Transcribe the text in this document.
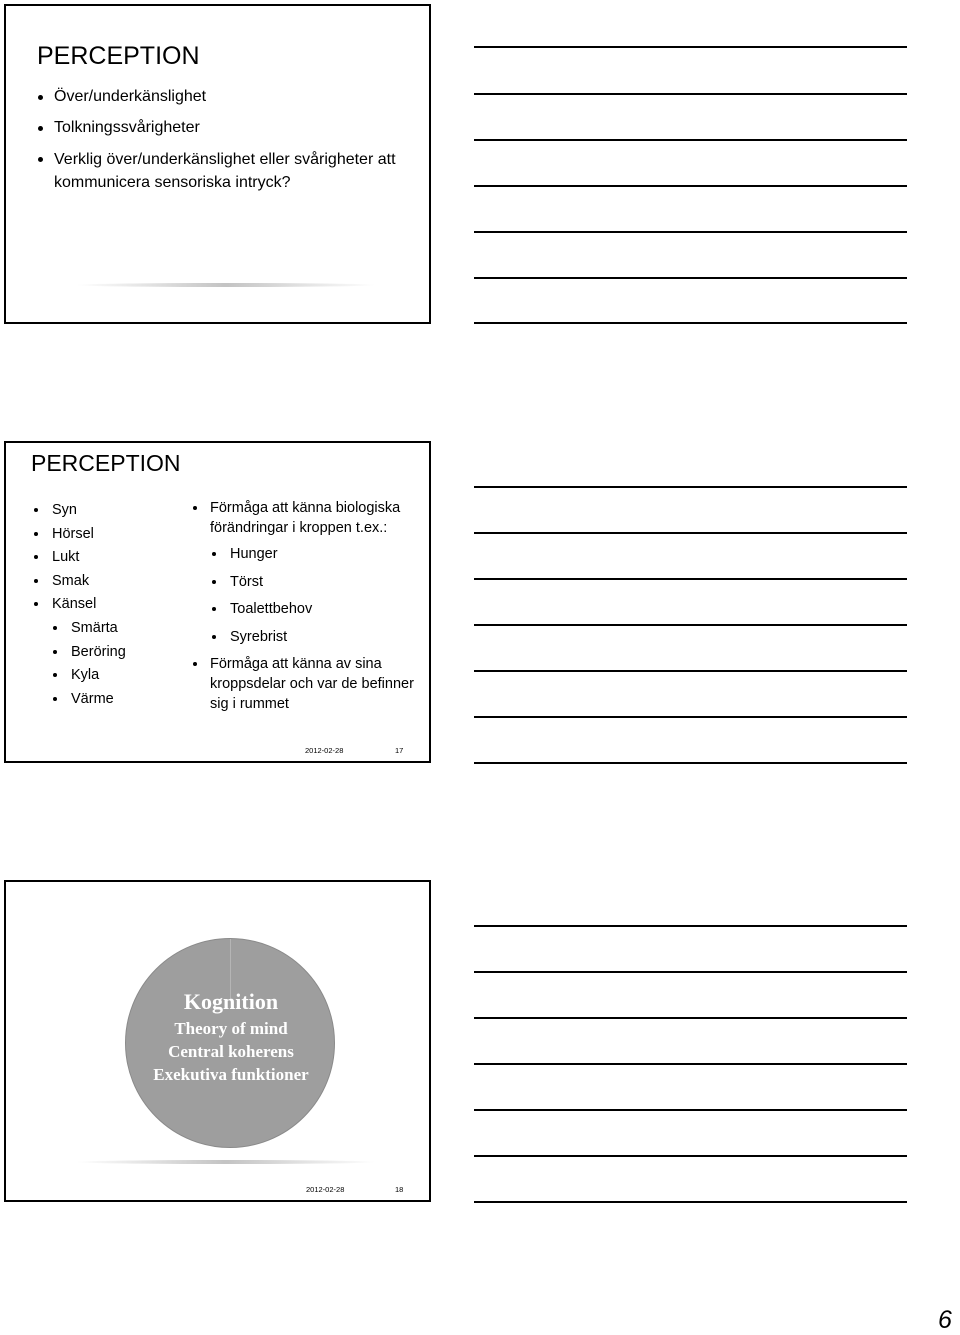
PERCEPTION
Över/underkänslighet
Tolkningssvårigheter
Verklig över/underkänslighet eller svårigheter att kommunicera sensoriska intryck?
PERCEPTION
Syn
Hörsel
Lukt
Smak
Känsel
Smärta
Beröring
Kyla
Värme
Förmåga att känna biologiska förändringar i kroppen t.ex.:
Hunger
Törst
Toalettbehov
Syrebrist
Förmåga att känna av sina kroppsdelar och var de befinner sig i rummet
2012-02-28	17
Kognition
Theory of mind
Central koherens
Exekutiva funktioner
2012-02-28	18
6
